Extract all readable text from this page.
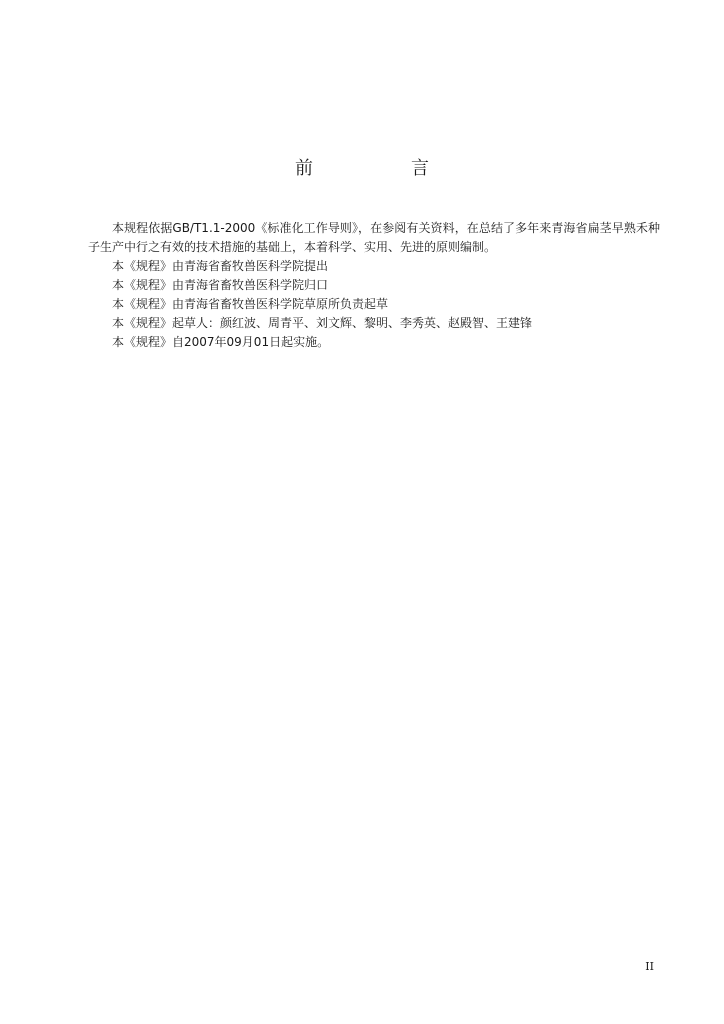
前　言

本规程依据GB/T1.1-2000《标准化工作导则》，在参阅有关资料，在总结了多年来青海省扁茎早熟禾种子生产中行之有效的技术措施的基础上，本着科学、实用、先进的原则编制。

本《规程》由青海省畜牧兽医科学院提出

本《规程》由青海省畜牧兽医科学院归口

本《规程》由青海省畜牧兽医科学院草原所负责起草

本《规程》起草人：颜红波、周青平、刘文辉、黎明、李秀英、赵殿智、王建锋

本《规程》自2007年09月01日起实施。

II
